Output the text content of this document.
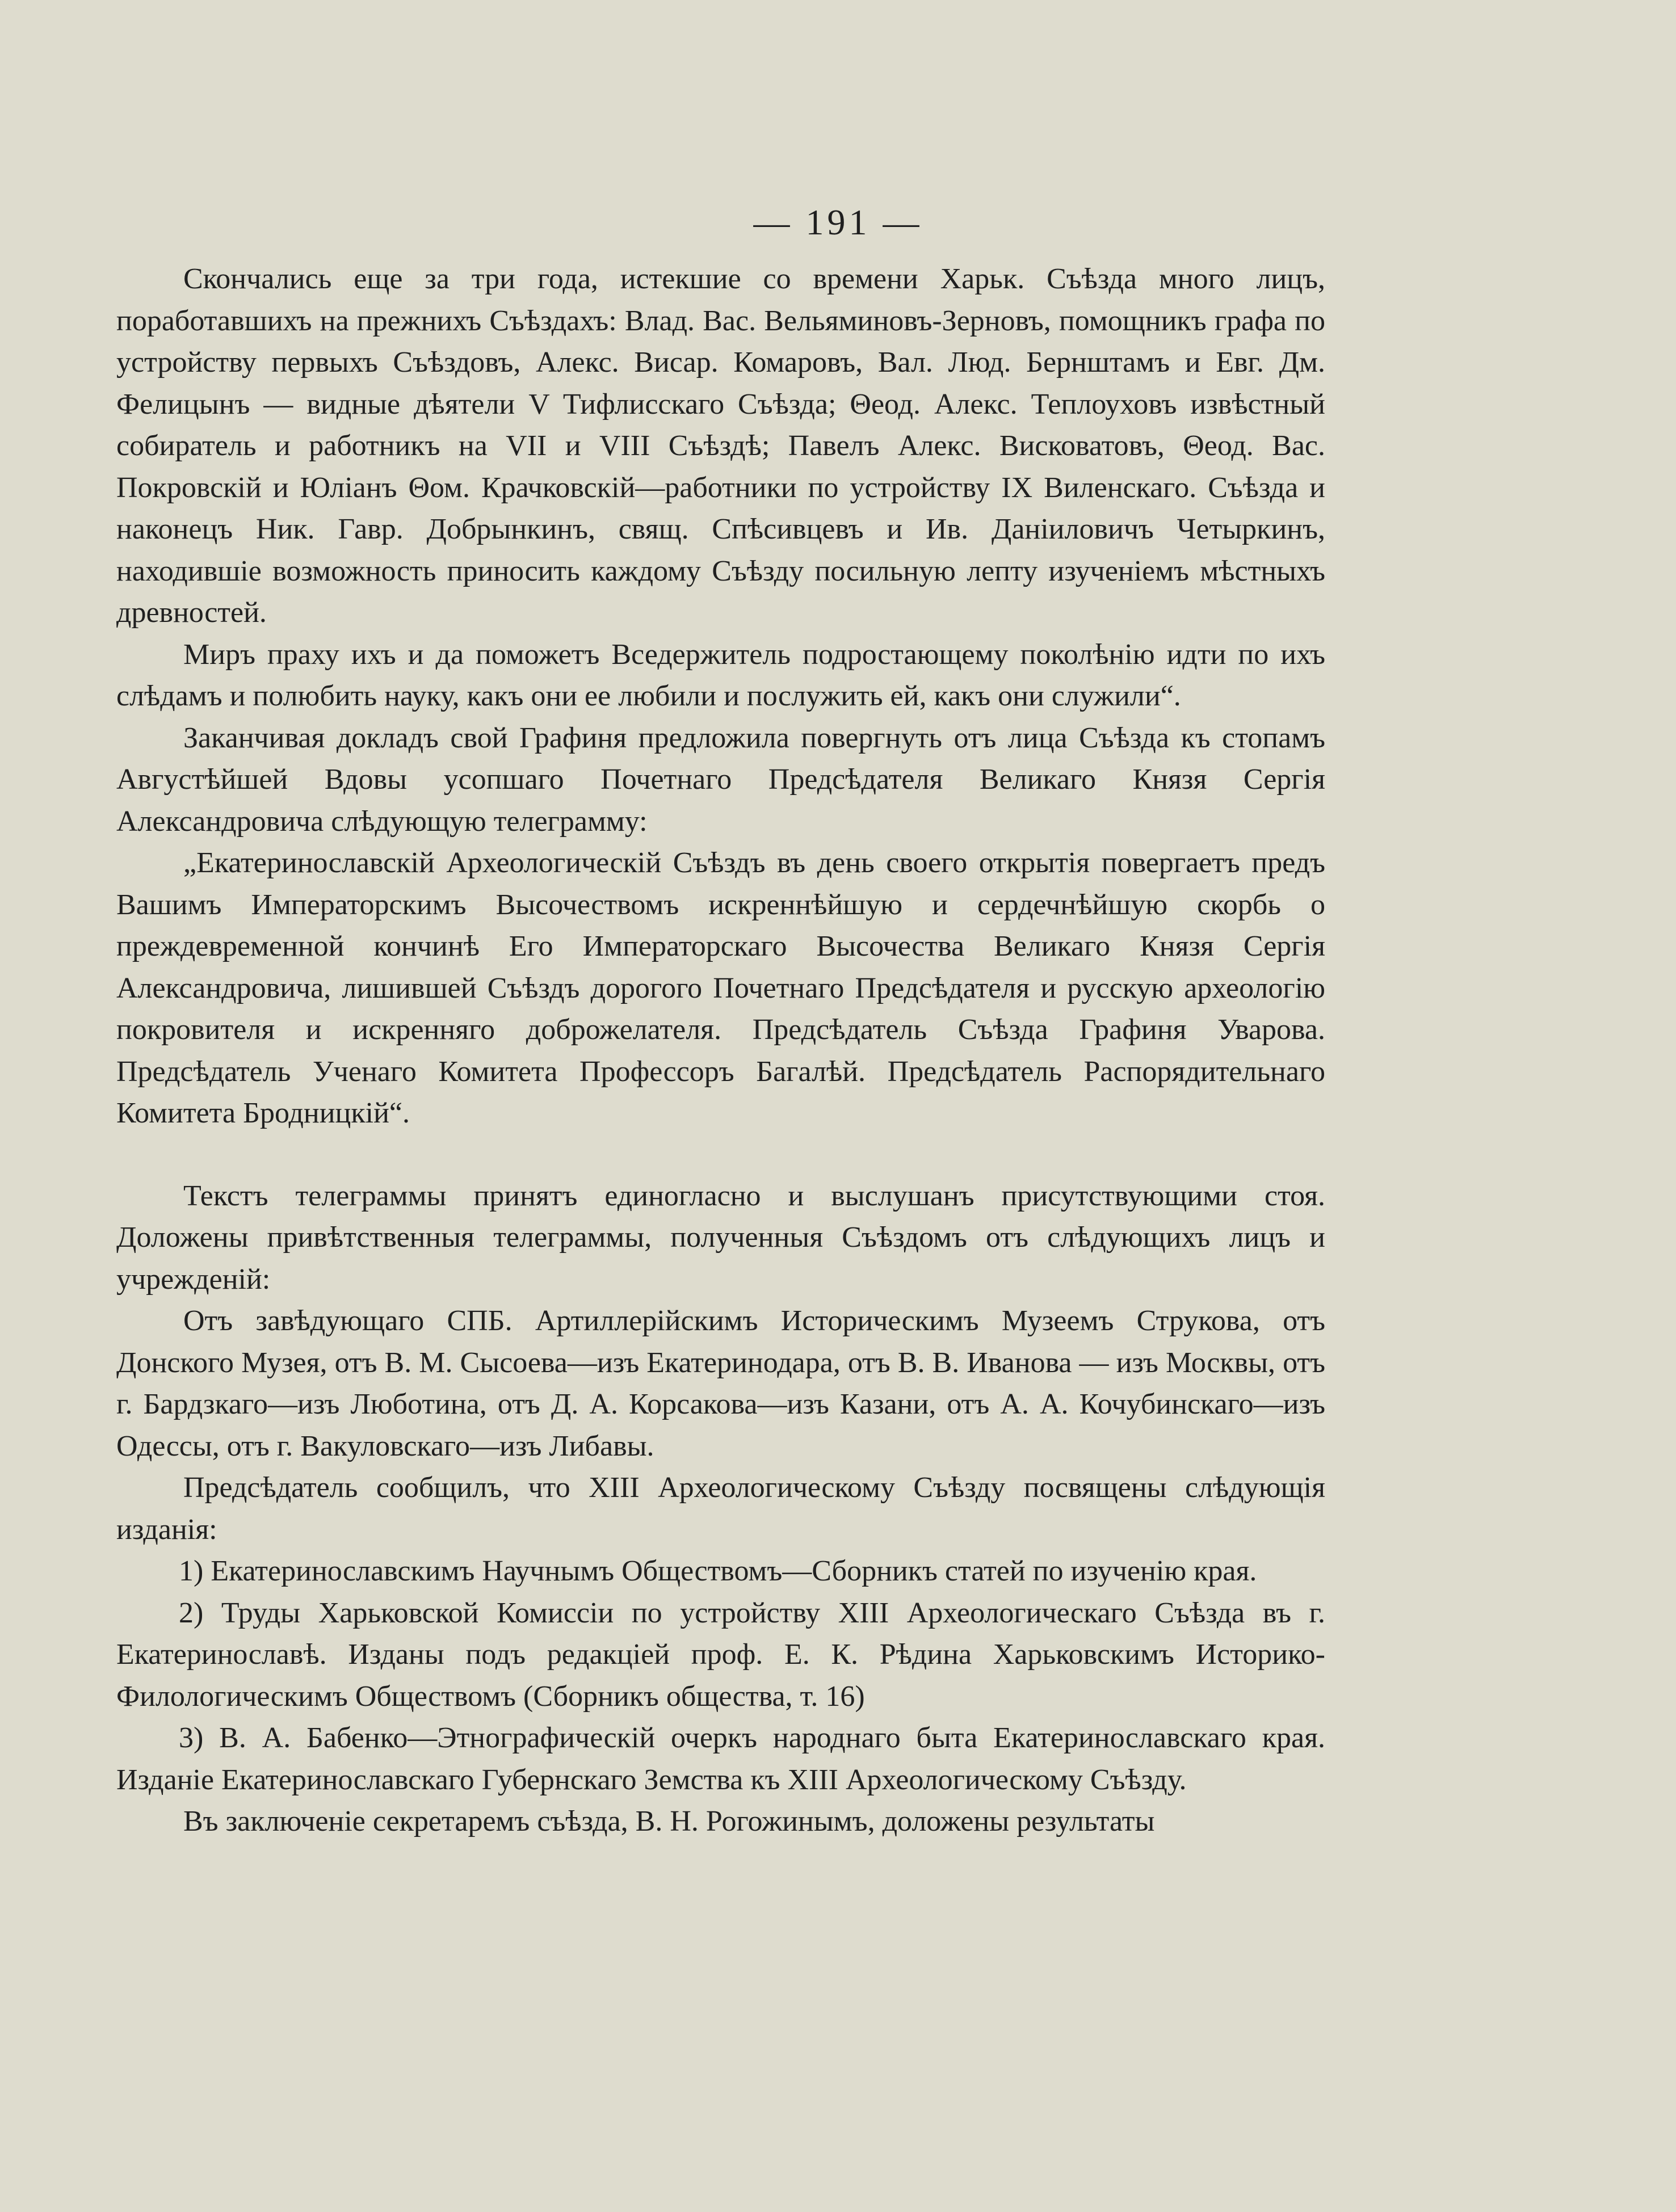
— 191 —

Скончались еще за три года, истекшие со времени Харьк. Съѣзда много лицъ, поработавшихъ на прежнихъ Съѣздахъ: Влад. Вас. Вельяминовъ-Зерновъ, помощникъ графа по устройству первыхъ Съѣздовъ, Алекс. Висар. Комаровъ, Вал. Люд. Бернштамъ и Евг. Дм. Фелицынъ — видные дѣятели V Тифлисскаго Съѣзда; Θеод. Алекс. Теплоуховъ извѣстный собиратель и работникъ на VII и VIII Съѣздѣ; Павелъ Алекс. Висковатовъ, Θеод. Вас. Покровскій и Юліанъ Θом. Крачковскій—работники по устройству IX Виленскаго. Съѣзда и наконецъ Ник. Гавр. Добрынкинъ, свящ. Спѣсивцевъ и Ив. Даніиловичъ Четыркинъ, находившіе возможность приносить каждому Съѣзду посильную лепту изученіемъ мѣстныхъ древностей.

Миръ праху ихъ и да поможетъ Вседержитель подростающему поколѣнію идти по ихъ слѣдамъ и полюбить науку, какъ они ее любили и послужить ей, какъ они служили“.

Заканчивая докладъ свой Графиня предложила повергнуть отъ лица Съѣзда къ стопамъ Августѣйшей Вдовы усопшаго Почетнаго Предсѣдателя Великаго Князя Сергія Александровича слѣдующую телеграмму:

„Екатеринославскій Археологическій Съѣздъ въ день своего открытія повергаетъ предъ Вашимъ Императорскимъ Высочествомъ искреннѣйшую и сердечнѣйшую скорбь о преждевременной кончинѣ Его Императорскаго Высочества Великаго Князя Сергія Александровича, лишившей Съѣздъ дорогого Почетнаго Предсѣдателя и русскую археологію покровителя и искренняго доброжелателя. Предсѣдатель Съѣзда Графиня Уварова. Предсѣдатель Ученаго Комитета Профессоръ Багалѣй. Предсѣдатель Распорядительнаго Комитета Бродницкій“.

Текстъ телеграммы принятъ единогласно и выслушанъ присутствующими стоя. Доложены привѣтственныя телеграммы, полученныя Съѣздомъ отъ слѣдующихъ лицъ и учрежденій:

Отъ завѣдующаго СПБ. Артиллерійскимъ Историческимъ Музеемъ Струкова, отъ Донского Музея, отъ В. М. Сысоева—изъ Екатеринодара, отъ В. В. Иванова — изъ Москвы, отъ г. Бардзкаго—изъ Люботина, отъ Д. А. Корсакова—изъ Казани, отъ А. А. Кочубинскаго—изъ Одессы, отъ г. Вакуловскаго—изъ Либавы.

Предсѣдатель сообщилъ, что XIII Археологическому Съѣзду посвящены слѣдующія изданія:

1) Екатеринославскимъ Научнымъ Обществомъ—Сборникъ статей по изученію края.

2) Труды Харьковской Комиссіи по устройству XIII Археологическаго Съѣзда въ г. Екатеринославѣ. Изданы подъ редакціей проф. Е. К. Рѣдина Харьковскимъ Историко-Филологическимъ Обществомъ (Сборникъ общества, т. 16)

3) В. А. Бабенко—Этнографическій очеркъ народнаго быта Екатеринославскаго края. Изданіе Екатеринославскаго Губернскаго Земства къ XIII Археологическому Съѣзду.

Въ заключеніе секретаремъ съѣзда, В. Н. Рогожинымъ, доложены результаты
